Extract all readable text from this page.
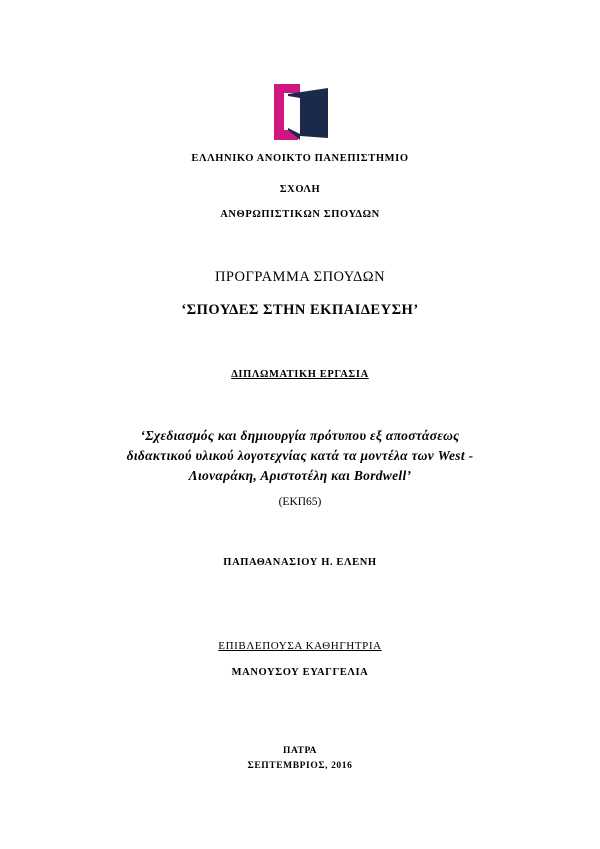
ΕΛΛΗΝΙΚΟ ΑΝΟΙΚΤΟ ΠΑΝΕΠΙΣΤΗΜΙΟ
ΣΧΟΛΗ
ΑΝΘΡΩΠΙΣΤΙΚΩΝ ΣΠΟΥΔΩΝ
ΠΡΟΓΡΑΜΜΑ ΣΠΟΥΔΩΝ
‘ΣΠΟΥΔΕΣ ΣΤΗΝ ΕΚΠΑΙΔΕΥΣΗ’
ΔΙΠΛΩΜΑΤΙΚΗ ΕΡΓΑΣΙΑ
‘Σχεδιασμός και δημιουργία πρότυπου εξ αποστάσεως
διδακτικού υλικού λογοτεχνίας κατά τα μοντέλα των West -
Λιοναράκη, Αριστοτέλη και Bordwell’
(ΕΚΠ65)
ΠΑΠΑΘΑΝΑΣΙΟΥ Η. ΕΛΕΝΗ
ΕΠΙΒΛΕΠΟΥΣΑ ΚΑΘΗΓΗΤΡΙΑ
ΜΑΝΟΥΣΟΥ ΕΥΑΓΓΕΛΙΑ
ΠΑΤΡΑ
ΣΕΠΤΕΜΒΡΙΟΣ, 2016
